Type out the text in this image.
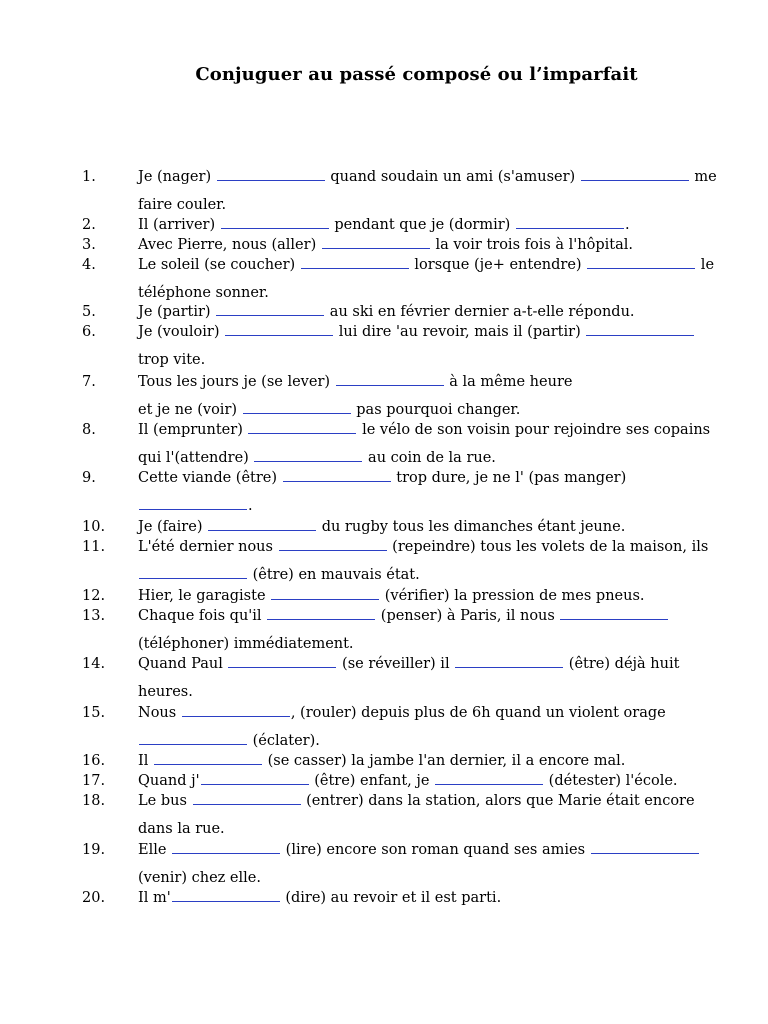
Conjuguer au passé composé ou l’imparfait
1.	Je (nager)	quand soudain un ami (s'amuser)	me
faire couler.
2.	Il (arriver)	pendant que je (dormir)	.
3.	Avec Pierre, nous (aller)	la voir trois fois à l'hôpital.
4.	Le soleil (se coucher)	lorsque (je+ entendre)	le
téléphone sonner.
5.	Je (partir)	au ski en février dernier a-t-elle répondu.
6.	Je (vouloir)	lui dire 'au revoir, mais il (partir)
trop vite.
7.	Tous les jours je (se lever)	à la même heure
et je ne (voir)	pas pourquoi changer.
8.	Il (emprunter)	le vélo de son voisin pour rejoindre ses copains
qui l'(attendre)	au coin de la rue.
9.	Cette viande (être)	trop dure, je ne l' (pas manger)
.
10. Je (faire)	du rugby tous les dimanches étant jeune.
11. L'été dernier nous	(repeindre) tous les volets de la maison, ils
(être) en mauvais état.
12. Hier, le garagiste	(vérifier) la pression de mes pneus.
13. Chaque fois qu'il	(penser) à Paris, il nous
(téléphoner) immédiatement.
14. Quand Paul	(se réveiller) il	(être) déjà huit
heures.
15. Nous	, (rouler) depuis plus de 6h quand un violent orage
(éclater).
16. Il	(se casser) la jambe l'an dernier, il a encore mal.
17. Quand j'	(être) enfant, je	(détester) l'école.
18. Le bus	(entrer) dans la station, alors que Marie était encore
dans la rue.
19. Elle	(lire) encore son roman quand ses amies
(venir) chez elle.
20. Il m'	(dire) au revoir et il est parti.
